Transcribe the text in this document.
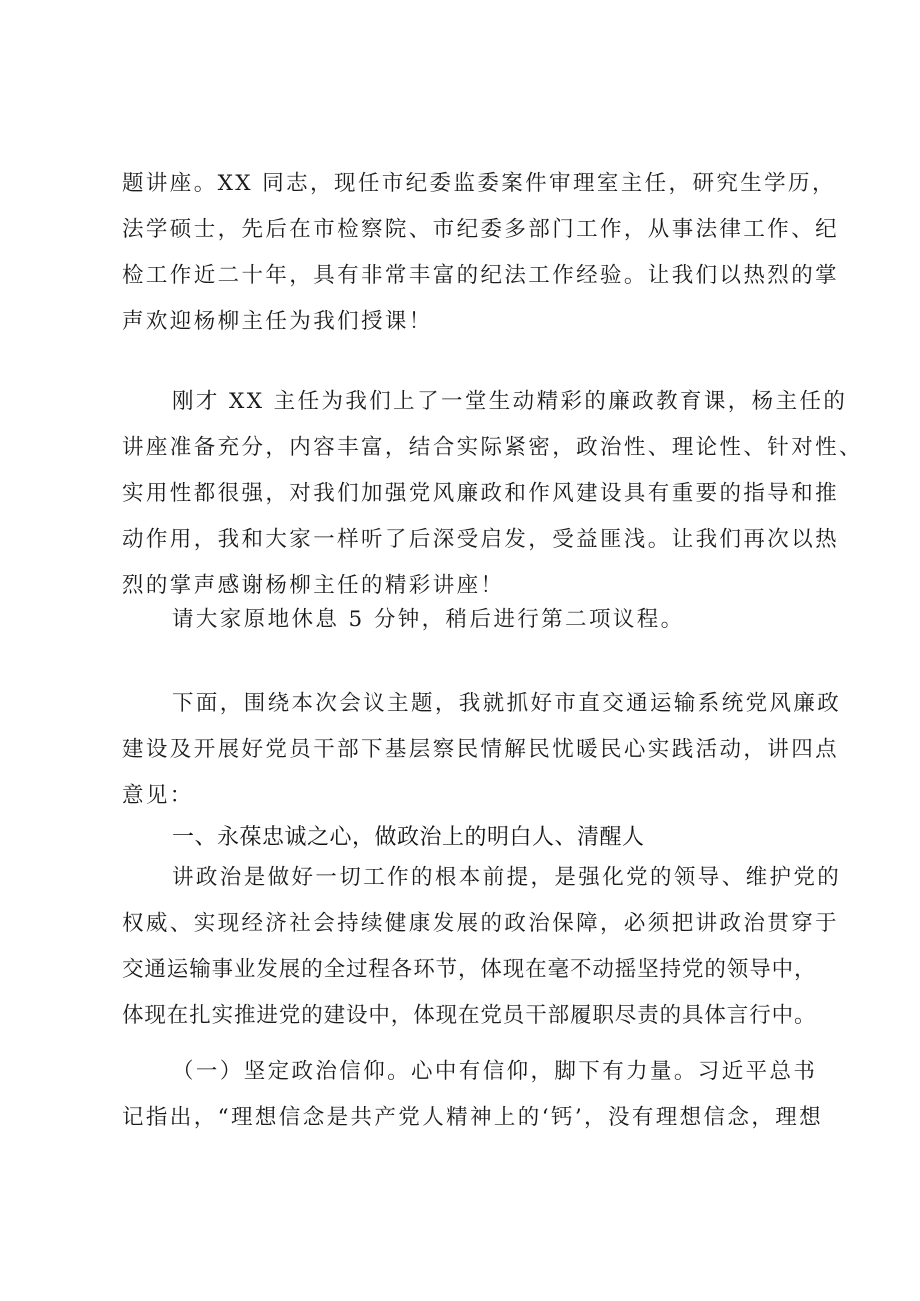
题讲座。XX 同志，现任市纪委监委案件审理室主任，研究生学历，
法学硕士，先后在市检察院、市纪委多部门工作，从事法律工作、纪
检工作近二十年，具有非常丰富的纪法工作经验。让我们以热烈的掌
声欢迎杨柳主任为我们授课！
刚才 XX 主任为我们上了一堂生动精彩的廉政教育课，杨主任的
讲座准备充分，内容丰富，结合实际紧密，政治性、理论性、针对性、
实用性都很强，对我们加强党风廉政和作风建设具有重要的指导和推
动作用，我和大家一样听了后深受启发，受益匪浅。让我们再次以热
烈的掌声感谢杨柳主任的精彩讲座！
请大家原地休息 5 分钟，稍后进行第二项议程。
下面，围绕本次会议主题，我就抓好市直交通运输系统党风廉政
建设及开展好党员干部下基层察民情解民忧暖民心实践活动，讲四点
意见：
一、永葆忠诚之心，做政治上的明白人、清醒人
讲政治是做好一切工作的根本前提，是强化党的领导、维护党的
权威、实现经济社会持续健康发展的政治保障，必须把讲政治贯穿于
交通运输事业发展的全过程各环节，体现在毫不动摇坚持党的领导中，
体现在扎实推进党的建设中，体现在党员干部履职尽责的具体言行中。
（一）坚定政治信仰。心中有信仰，脚下有力量。习近平总书
记指出，“理想信念是共产党人精神上的‘钙’，没有理想信念，理想
